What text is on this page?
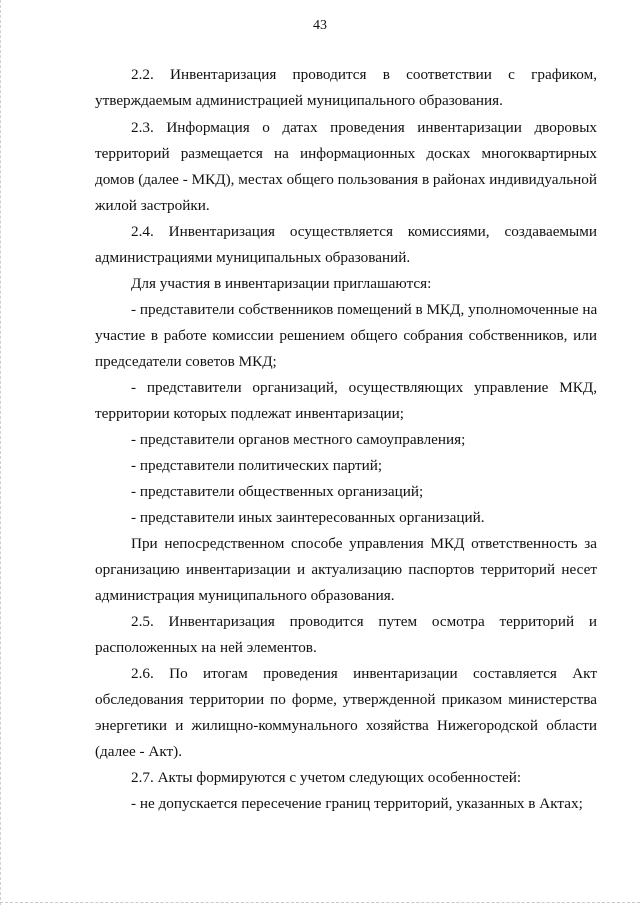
43
2.2. Инвентаризация проводится в соответствии с графиком,
утверждаемым администрацией муниципального образования.
2.3. Информация о датах проведения инвентаризации дворовых
территорий размещается на информационных досках многоквартирных
домов (далее - МКД), местах общего пользования в районах индивидуальной
жилой застройки.
2.4. Инвентаризация осуществляется комиссиями, создаваемыми
администрациями муниципальных образований.
Для участия в инвентаризации приглашаются:
- представители собственников помещений в МКД, уполномоченные на
участие в работе комиссии решением общего собрания собственников, или
председатели советов МКД;
- представители организаций, осуществляющих управление МКД,
территории которых подлежат инвентаризации;
- представители органов местного самоуправления;
- представители политических партий;
- представители общественных организаций;
- представители иных заинтересованных организаций.
При непосредственном способе управления МКД ответственность за
организацию инвентаризации и актуализацию паспортов территорий несет
администрация муниципального образования.
2.5. Инвентаризация проводится путем осмотра территорий и
расположенных на ней элементов.
2.6. По итогам проведения инвентаризации составляется Акт
обследования территории по форме, утвержденной приказом министерства
энергетики и жилищно-коммунального хозяйства Нижегородской области
(далее - Акт).
2.7. Акты формируются с учетом следующих особенностей:
- не допускается пересечение границ территорий, указанных в Актах;
